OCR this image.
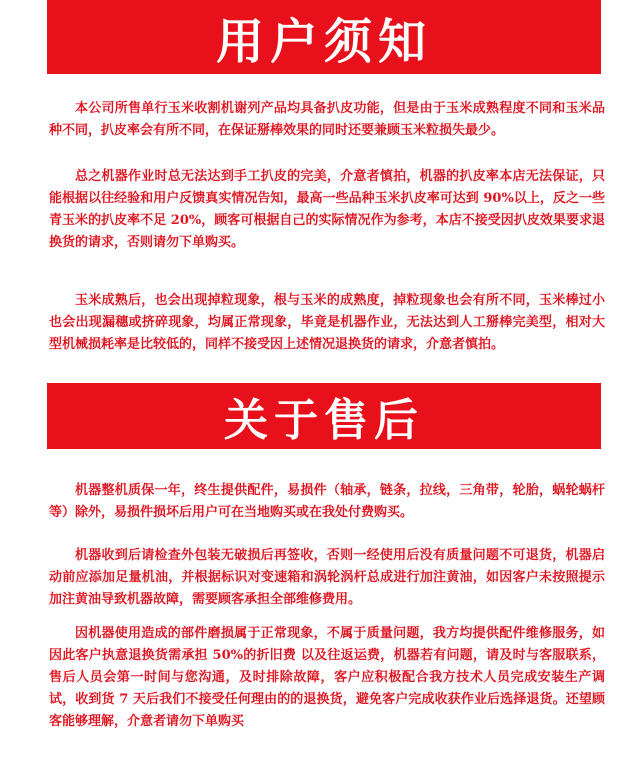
用户须知

本公司所售单行玉米收割机谢列产品均具备扒皮功能，但是由于玉米成熟程度不同和玉米品种不同，扒皮率会有所不同，在保证掰棒效果的同时还要兼顾玉米粒损失最少。

总之机器作业时总无法达到手工扒皮的完美，介意者慎拍，机器的扒皮率本店无法保证，只能根据以往经验和用户反馈真实情况告知，最高一些品种玉米扒皮率可达到 90%以上，反之一些青玉米的扒皮率不足 20%，顾客可根据自己的实际情况作为参考，本店不接受因扒皮效果要求退换货的请求，否则请勿下单购买。

玉米成熟后，也会出现掉粒现象，根与玉米的成熟度，掉粒现象也会有所不同，玉米棒过小也会出现漏穗或挤碎现象，均属正常现象，毕竟是机器作业，无法达到人工掰棒完美型，相对大型机械损耗率是比较低的，同样不接受因上述情况退换货的请求，介意者慎拍。

关于售后

机器整机质保一年，终生提供配件，易损件（轴承，链条，拉线，三角带，轮胎，蜗轮蜗杆等）除外，易损件损坏后用户可在当地购买或在我处付费购买。

机器收到后请检查外包装无破损后再签收，否则一经使用后没有质量问题不可退货，机器启动前应添加足量机油，并根据标识对变速箱和涡轮涡杆总成进行加注黄油，如因客户未按照提示加注黄油导致机器故障，需要顾客承担全部维修费用。

因机器使用造成的部件磨损属于正常现象，不属于质量问题，我方均提供配件维修服务，如因此客户执意退换货需承担 50%的折旧费 以及往返运费，机器若有问题，请及时与客服联系，售后人员会第一时间与您沟通，及时排除故障，客户应积极配合我方技术人员完成安装生产调试，收到货 7 天后我们不接受任何理由的的退换货，避免客户完成收获作业后选择退货。还望顾客能够理解，介意者请勿下单购买
